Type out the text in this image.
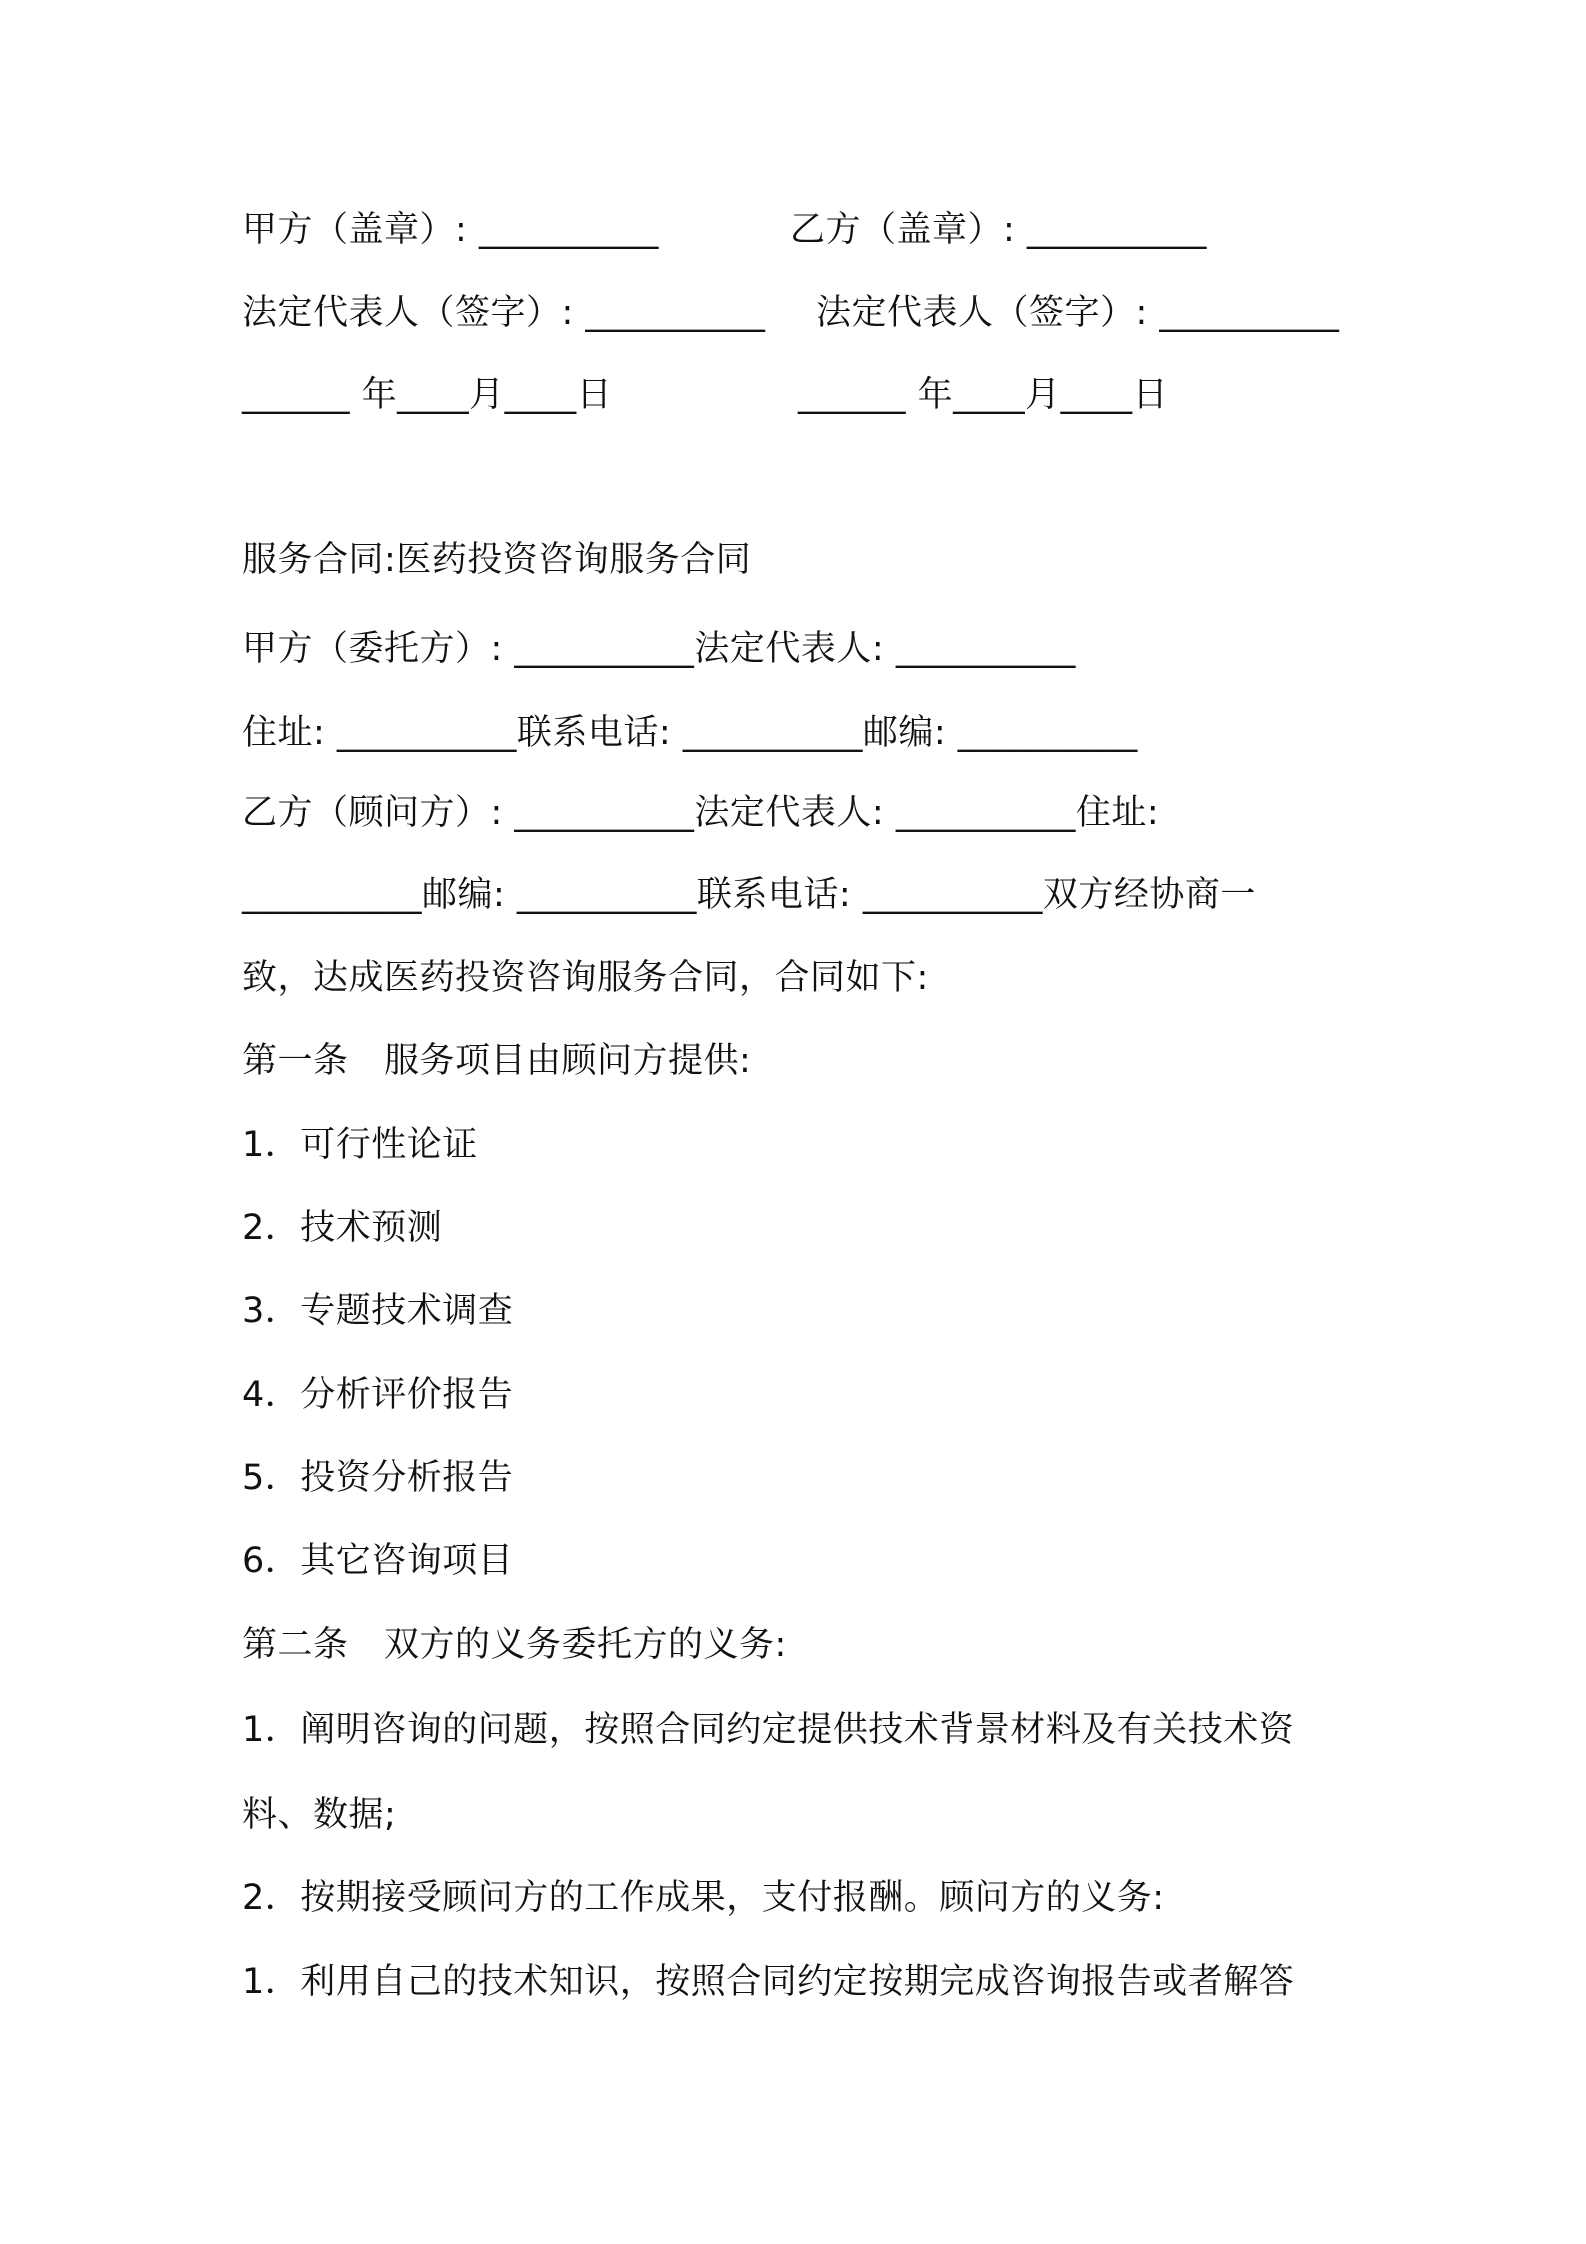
甲方（盖章）: __________	乙方（盖章）: __________
法定代表人（签字）: __________ 法定代表人（签字）: __________
______ 年____月____日	______ 年____月____日
服务合同:医药投资咨询服务合同
甲方（委托方）: __________法定代表人: __________
住址: __________联系电话: __________邮编: __________
乙方（顾问方）: __________法定代表人: __________住址:
__________邮编: __________联系电话: __________双方经协商一
致，达成医药投资咨询服务合同，合同如下:
第一条　服务项目由顾问方提供:
1．可行性论证
2．技术预测
3．专题技术调查
4．分析评价报告
5．投资分析报告
6．其它咨询项目
第二条　双方的义务委托方的义务:
1．阐明咨询的问题，按照合同约定提供技术背景材料及有关技术资
料、数据;
2．按期接受顾问方的工作成果，支付报酬。顾问方的义务:
1．利用自己的技术知识，按照合同约定按期完成咨询报告或者解答
